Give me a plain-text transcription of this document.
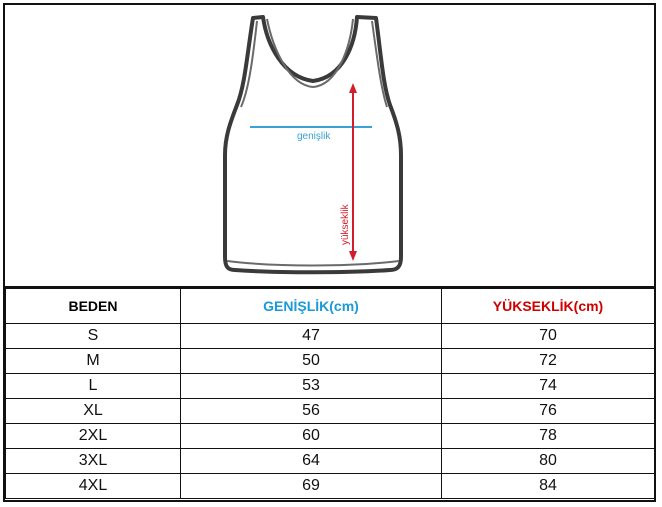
genişlik
yükseklik
BEDEN	GENİŞLİK(cm)	YÜKSEKLİK(cm)
S	47	70
M	50	72
L	53	74
XL	56	76
2XL	60	78
3XL	64	80
4XL	69	84
